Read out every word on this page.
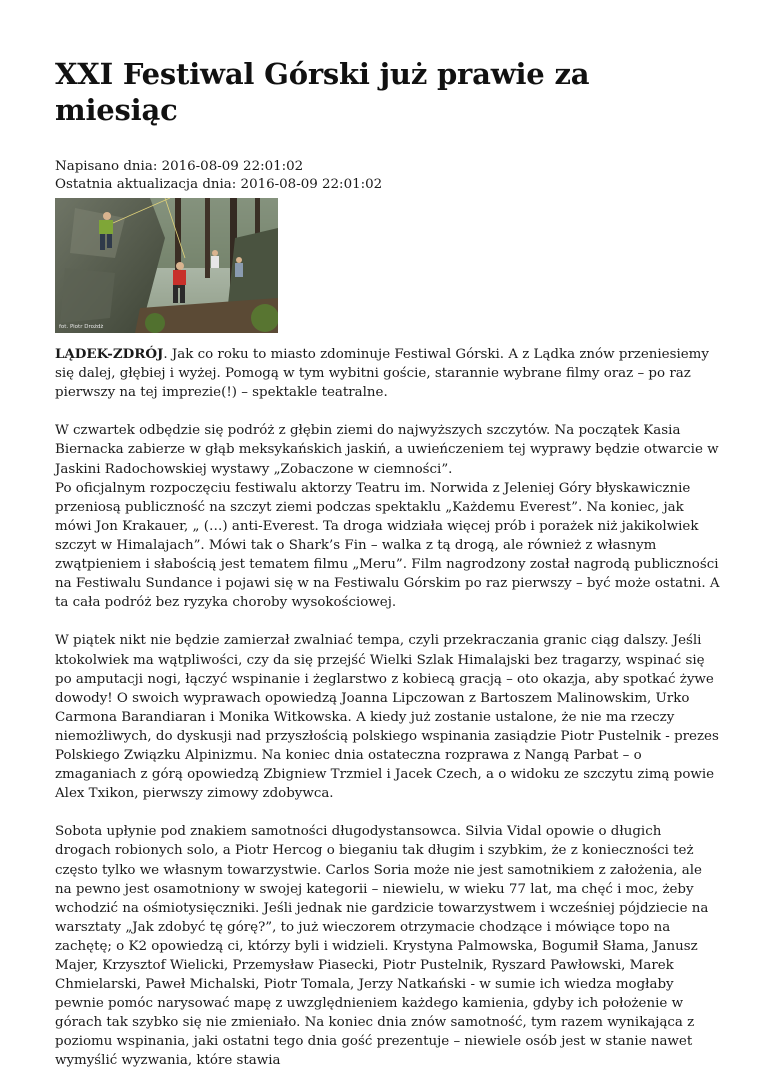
XXI Festiwal Górski już prawie za miesiąc
Napisano dnia: 2016-08-09 22:01:02
Ostatnia aktualizacja dnia: 2016-08-09 22:01:02
fot. Piotr Drożdż

LĄDEK-ZDRÓJ. Jak co roku to miasto zdominuje Festiwal Górski. A z Lądka znów przeniesiemy się dalej, głębiej i wyżej. Pomogą w tym wybitni goście, starannie wybrane filmy oraz – po raz pierwszy na tej imprezie(!) – spektakle teatralne.

W czwartek odbędzie się podróż z głębin ziemi do najwyższych szczytów. Na początek Kasia Biernacka zabierze w głąb meksykańskich jaskiń, a uwieńczeniem tej wyprawy będzie otwarcie w Jaskini Radochowskiej wystawy „Zobaczone w ciemności”.
Po oficjalnym rozpoczęciu festiwalu aktorzy Teatru im. Norwida z Jeleniej Góry błyskawicznie przeniosą publiczność na szczyt ziemi podczas spektaklu „Każdemu Everest”. Na koniec, jak mówi Jon Krakauer, „ (…) anti-Everest. Ta droga widziała więcej prób i porażek niż jakikolwiek szczyt w Himalajach”. Mówi tak o Shark’s Fin – walka z tą drogą, ale również z własnym zwątpieniem i słabością jest tematem filmu „Meru”. Film nagrodzony został nagrodą publiczności na Festiwalu Sundance i pojawi się w na Festiwalu Górskim po raz pierwszy – być może ostatni. A ta cała podróż bez ryzyka choroby wysokościowej.

W piątek nikt nie będzie zamierzał zwalniać tempa, czyli przekraczania granic ciąg dalszy. Jeśli ktokolwiek ma wątpliwości, czy da się przejść Wielki Szlak Himalajski bez tragarzy, wspinać się po amputacji nogi, łączyć wspinanie i żeglarstwo z kobiecą gracją – oto okazja, aby spotkać żywe dowody! O swoich wyprawach opowiedzą Joanna Lipczowan z Bartoszem Malinowskim, Urko Carmona Barandiaran i Monika Witkowska. A kiedy już zostanie ustalone, że nie ma rzeczy niemożliwych, do dyskusji nad przyszłością polskiego wspinania zasiądzie Piotr Pustelnik - prezes Polskiego Związku Alpinizmu. Na koniec dnia ostateczna rozprawa z Nangą Parbat – o zmaganiach z górą opowiedzą Zbigniew Trzmiel i Jacek Czech, a o widoku ze szczytu zimą powie Alex Txikon, pierwszy zimowy zdobywca.

Sobota upłynie pod znakiem samotności długodystansowca. Silvia Vidal opowie o długich drogach robionych solo, a Piotr Hercog o bieganiu tak długim i szybkim, że z konieczności też często tylko we własnym towarzystwie. Carlos Soria może nie jest samotnikiem z założenia, ale na pewno jest osamotniony w swojej kategorii – niewielu, w wieku 77 lat, ma chęć i moc, żeby wchodzić na ośmiotysięczniki. Jeśli jednak nie gardzicie towarzystwem i wcześniej pójdziecie na warsztaty „Jak zdobyć tę górę?”, to już wieczorem otrzymacie chodzące i mówiące topo na zachętę; o K2 opowiedzą ci, którzy byli i widzieli. Krystyna Palmowska, Bogumił Słama, Janusz Majer, Krzysztof Wielicki, Przemysław Piasecki, Piotr Pustelnik, Ryszard Pawłowski, Marek Chmielarski, Paweł Michalski, Piotr Tomala, Jerzy Natkański - w sumie ich wiedza mogłaby pewnie pomóc narysować mapę z uwzględnieniem każdego kamienia, gdyby ich położenie w górach tak szybko się nie zmieniało. Na koniec dnia znów samotność, tym razem wynikająca z poziomu wspinania, jaki ostatni tego dnia gość prezentuje – niewiele osób jest w stanie nawet wymyślić wyzwania, które stawia
